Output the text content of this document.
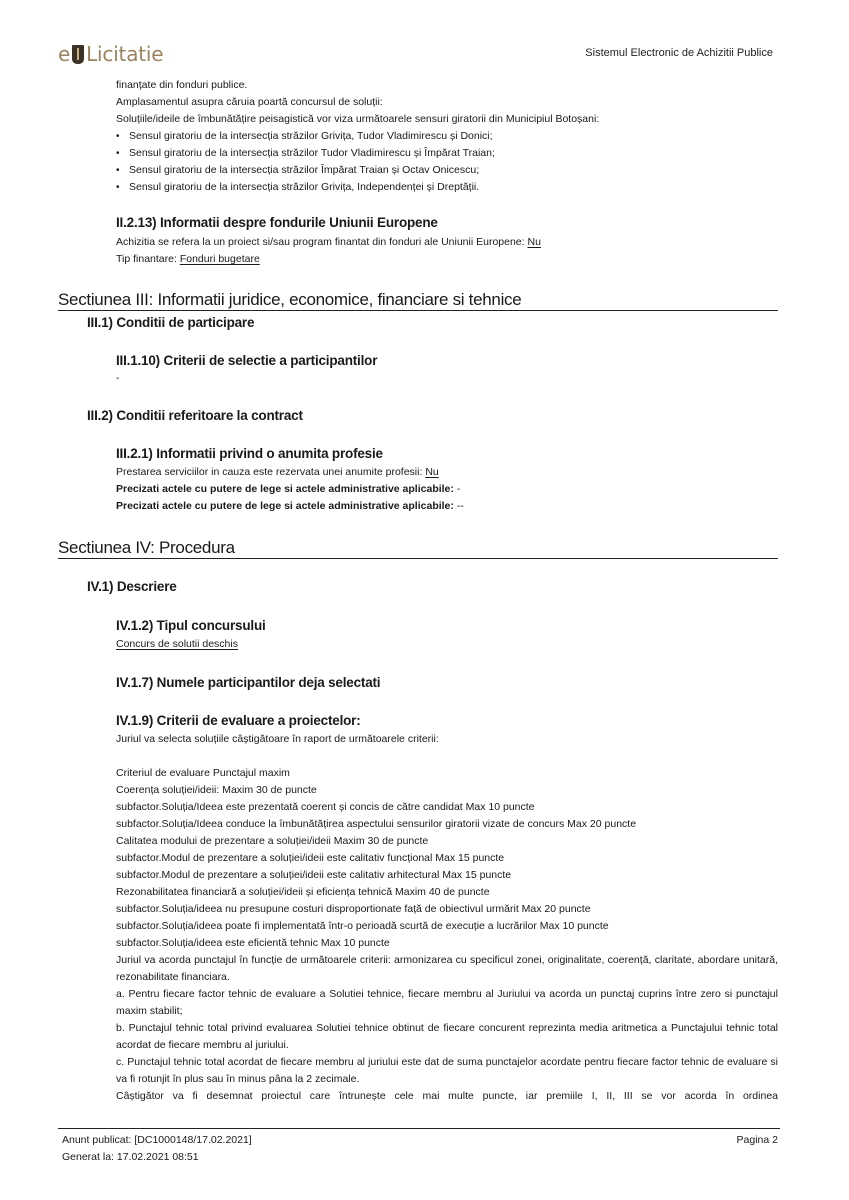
e Licitatie	Sistemul Electronic de Achizitii Publice
finanțate din fonduri publice.
Amplasamentul asupra căruia poartă concursul de soluții:
Soluțiile/ideile de îmbunătățire peisagistică vor viza următoarele sensuri giratorii din Municipiul Botoșani:
• Sensul giratoriu de la intersecția străzilor Grivița, Tudor Vladimirescu și Donici;
• Sensul giratoriu de la intersecția străzilor Tudor Vladimirescu și Împărat Traian;
• Sensul giratoriu de la intersecția străzilor Împărat Traian și Octav Onicescu;
• Sensul giratoriu de la intersecția străzilor Grivița, Independenței și Dreptății.
II.2.13) Informatii despre fondurile Uniunii Europene
Achizitia se refera la un proiect si/sau program finantat din fonduri ale Uniunii Europene: Nu
Tip finantare: Fonduri bugetare
Sectiunea III: Informatii juridice, economice, financiare si tehnice
III.1) Conditii de participare
III.1.10) Criterii de selectie a participantilor
-
III.2) Conditii referitoare la contract
III.2.1) Informatii privind o anumita profesie
Prestarea serviciilor in cauza este rezervata unei anumite profesii: Nu
Precizati actele cu putere de lege si actele administrative aplicabile: -
Precizati actele cu putere de lege si actele administrative aplicabile: --
Sectiunea IV: Procedura
IV.1) Descriere
IV.1.2) Tipul concursului
Concurs de solutii deschis
IV.1.7) Numele participantilor deja selectati
IV.1.9) Criterii de evaluare a proiectelor:
Juriul va selecta soluțiile câștigătoare în raport de următoarele criterii:
Criteriul de evaluare Punctajul maxim
Coerența soluției/ideii: Maxim 30 de puncte
subfactor.Soluția/Ideea este prezentată coerent și concis de către candidat Max 10 puncte
subfactor.Soluția/Ideea conduce la îmbunătățirea aspectului sensurilor giratorii vizate de concurs Max 20 puncte
Calitatea modului de prezentare a soluției/ideii Maxim 30 de puncte
subfactor.Modul de prezentare a soluției/ideii este calitativ funcțional Max 15 puncte
subfactor.Modul de prezentare a soluției/ideii este calitativ arhitectural Max 15 puncte
Rezonabilitatea financiară a soluției/ideii și eficiența tehnică Maxim 40 de puncte
subfactor.Soluția/ideea nu presupune costuri disproportionate față de obiectivul urmărit Max 20 puncte
subfactor.Soluția/ideea poate fi implementată într-o perioadă scurtă de execuție a lucrărilor Max 10 puncte
subfactor.Soluția/ideea este eficientă tehnic Max 10 puncte
Juriul va acorda punctajul în funcție de următoarele criterii: armonizarea cu specificul zonei, originalitate, coerență, claritate, abordare unitară, rezonabilitate financiara.
a. Pentru fiecare factor tehnic de evaluare a Solutiei tehnice, fiecare membru al Juriului va acorda un punctaj cuprins între zero si punctajul maxim stabilit;
b. Punctajul tehnic total privind evaluarea Solutiei tehnice obtinut de fiecare concurent reprezinta media aritmetica a Punctajului tehnic total acordat de fiecare membru al juriului.
c. Punctajul tehnic total acordat de fiecare membru al juriului este dat de suma punctajelor acordate pentru fiecare factor tehnic de evaluare si va fi rotunjit în plus sau în minus pâna la 2 zecimale.
Câștigător va fi desemnat proiectul care întrunește cele mai multe puncte, iar premiile I, II, III se vor acorda în ordinea
Anunt publicat: [DC1000148/17.02.2021]
Generat la: 17.02.2021 08:51
Pagina 2
